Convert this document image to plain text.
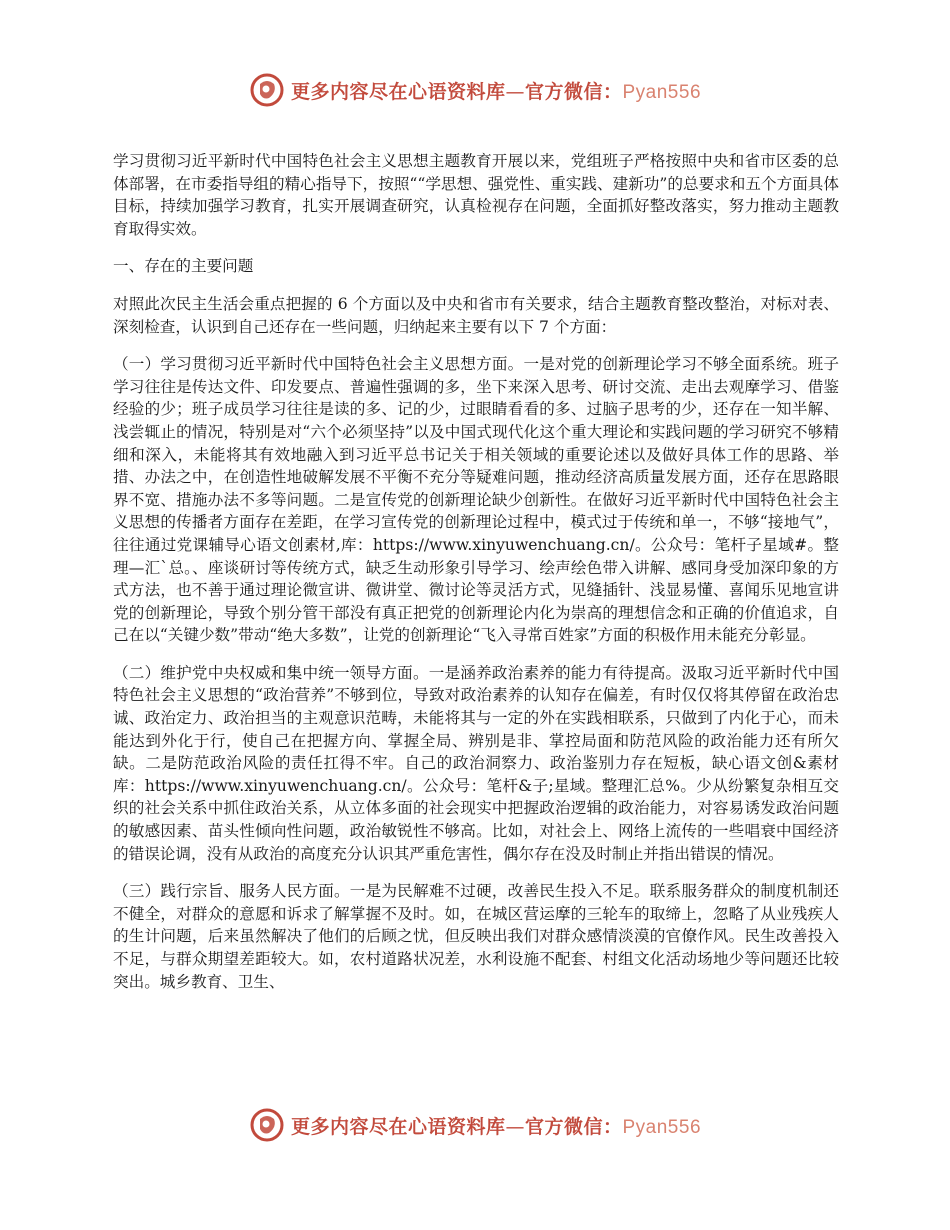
更多内容尽在心语资料库—官方微信：Pyan556

学习贯彻习近平新时代中国特色社会主义思想主题教育开展以来，党组班子严格按照中央和省市区委的总体部署，在市委指导组的精心指导下，按照““学思想、强党性、重实践、建新功”的总要求和五个方面具体目标，持续加强学习教育，扎实开展调查研究，认真检视存在问题，全面抓好整改落实，努力推动主题教育取得实效。

一、存在的主要问题

对照此次民主生活会重点把握的 6 个方面以及中央和省市有关要求，结合主题教育整改整治，对标对表、深刻检查，认识到自己还存在一些问题，归纳起来主要有以下 7 个方面：

（一）学习贯彻习近平新时代中国特色社会主义思想方面。一是对党的创新理论学习不够全面系统。班子学习往往是传达文件、印发要点、普遍性强调的多，坐下来深入思考、研讨交流、走出去观摩学习、借鉴经验的少；班子成员学习往往是读的多、记的少，过眼睛看看的多、过脑子思考的少，还存在一知半解、浅尝辄止的情况，特别是对“六个必须坚持”以及中国式现代化这个重大理论和实践问题的学习研究不够精细和深入，未能将其有效地融入到习近平总书记关于相关领域的重要论述以及做好具体工作的思路、举措、办法之中，在创造性地破解发展不平衡不充分等疑难问题，推动经济高质量发展方面，还存在思路眼界不宽、措施办法不多等问题。二是宣传党的创新理论缺少创新性。在做好习近平新时代中国特色社会主义思想的传播者方面存在差距，在学习宣传党的创新理论过程中，模式过于传统和单一，不够“接地气”，往往通过党课辅导心语文创素材,库：https://www.xinyuwenchuang.cn/。公众号：笔杆子星域#。整理—汇`总。、座谈研讨等传统方式，缺乏生动形象引导学习、绘声绘色带入讲解、感同身受加深印象的方式方法，也不善于通过理论微宣讲、微讲堂、微讨论等灵活方式，见缝插针、浅显易懂、喜闻乐见地宣讲党的创新理论，导致个别分管干部没有真正把党的创新理论内化为崇高的理想信念和正确的价值追求，自己在以“关键少数”带动“绝大多数”，让党的创新理论“飞入寻常百姓家”方面的积极作用未能充分彰显。

（二）维护党中央权威和集中统一领导方面。一是涵养政治素养的能力有待提高。汲取习近平新时代中国特色社会主义思想的“政治营养”不够到位，导致对政治素养的认知存在偏差，有时仅仅将其停留在政治忠诚、政治定力、政治担当的主观意识范畴，未能将其与一定的外在实践相联系，只做到了内化于心，而未能达到外化于行，使自己在把握方向、掌握全局、辨别是非、掌控局面和防范风险的政治能力还有所欠缺。二是防范政治风险的责任扛得不牢。自己的政治洞察力、政治鉴别力存在短板，缺心语文创&素材库：https://www.xinyuwenchuang.cn/。公众号：笔杆&子;星域。整理汇总%。少从纷繁复杂相互交织的社会关系中抓住政治关系，从立体多面的社会现实中把握政治逻辑的政治能力，对容易诱发政治问题的敏感因素、苗头性倾向性问题，政治敏锐性不够高。比如，对社会上、网络上流传的一些唱衰中国经济的错误论调，没有从政治的高度充分认识其严重危害性，偶尔存在没及时制止并指出错误的情况。

（三）践行宗旨、服务人民方面。一是为民解难不过硬，改善民生投入不足。联系服务群众的制度机制还不健全，对群众的意愿和诉求了解掌握不及时。如，在城区营运摩的三轮车的取缔上，忽略了从业残疾人的生计问题，后来虽然解决了他们的后顾之忧，但反映出我们对群众感情淡漠的官僚作风。民生改善投入不足，与群众期望差距较大。如，农村道路状况差，水利设施不配套、村组文化活动场地少等问题还比较突出。城乡教育、卫生、

更多内容尽在心语资料库—官方微信：Pyan556
